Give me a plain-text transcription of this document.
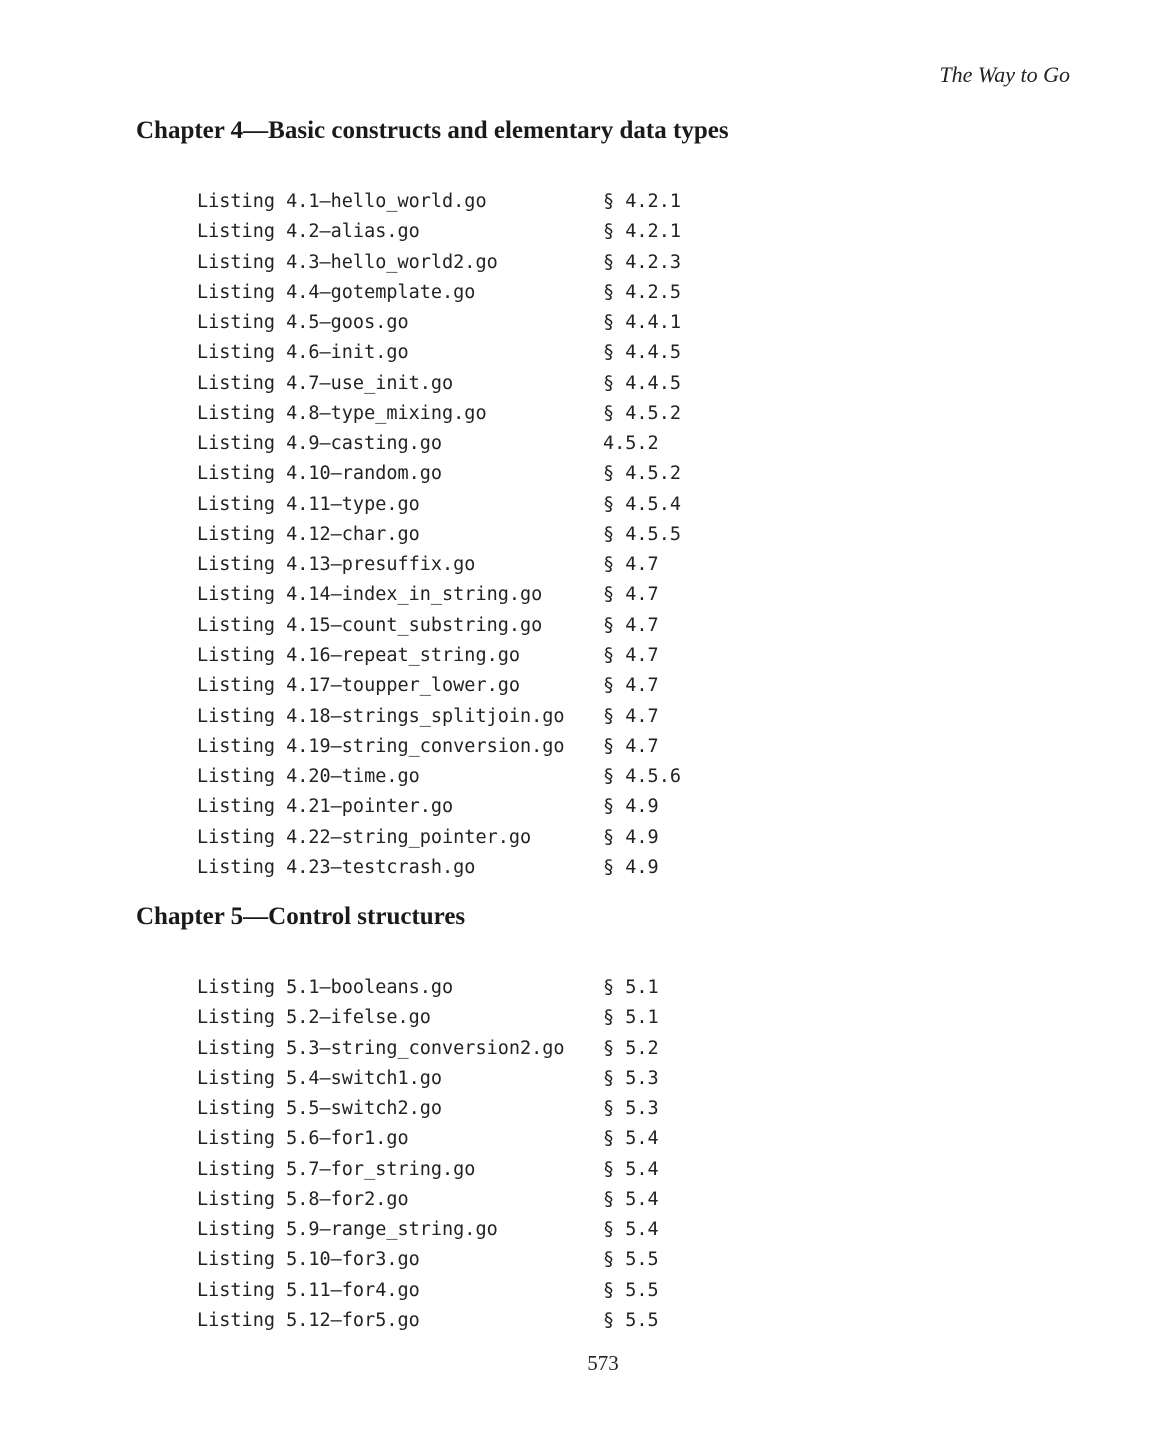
The Way to Go
Chapter 4—Basic constructs and elementary data types
Listing 4.1—hello_world.go	§ 4.2.1
Listing 4.2—alias.go	§ 4.2.1
Listing 4.3—hello_world2.go	§ 4.2.3
Listing 4.4—gotemplate.go	§ 4.2.5
Listing 4.5—goos.go	§ 4.4.1
Listing 4.6—init.go	§ 4.4.5
Listing 4.7—use_init.go	§ 4.4.5
Listing 4.8—type_mixing.go	§ 4.5.2
Listing 4.9—casting.go	4.5.2
Listing 4.10—random.go	§ 4.5.2
Listing 4.11—type.go	§ 4.5.4
Listing 4.12—char.go	§ 4.5.5
Listing 4.13—presuffix.go	§ 4.7
Listing 4.14—index_in_string.go	§ 4.7
Listing 4.15—count_substring.go	§ 4.7
Listing 4.16—repeat_string.go	§ 4.7
Listing 4.17—toupper_lower.go	§ 4.7
Listing 4.18—strings_splitjoin.go	§ 4.7
Listing 4.19—string_conversion.go	§ 4.7
Listing 4.20—time.go	§ 4.5.6
Listing 4.21—pointer.go	§ 4.9
Listing 4.22—string_pointer.go	§ 4.9
Listing 4.23—testcrash.go	§ 4.9
Chapter 5—Control structures
Listing 5.1—booleans.go	§ 5.1
Listing 5.2—ifelse.go	§ 5.1
Listing 5.3—string_conversion2.go	§ 5.2
Listing 5.4—switch1.go	§ 5.3
Listing 5.5—switch2.go	§ 5.3
Listing 5.6—for1.go	§ 5.4
Listing 5.7—for_string.go	§ 5.4
Listing 5.8—for2.go	§ 5.4
Listing 5.9—range_string.go	§ 5.4
Listing 5.10—for3.go	§ 5.5
Listing 5.11—for4.go	§ 5.5
Listing 5.12—for5.go	§ 5.5
573
